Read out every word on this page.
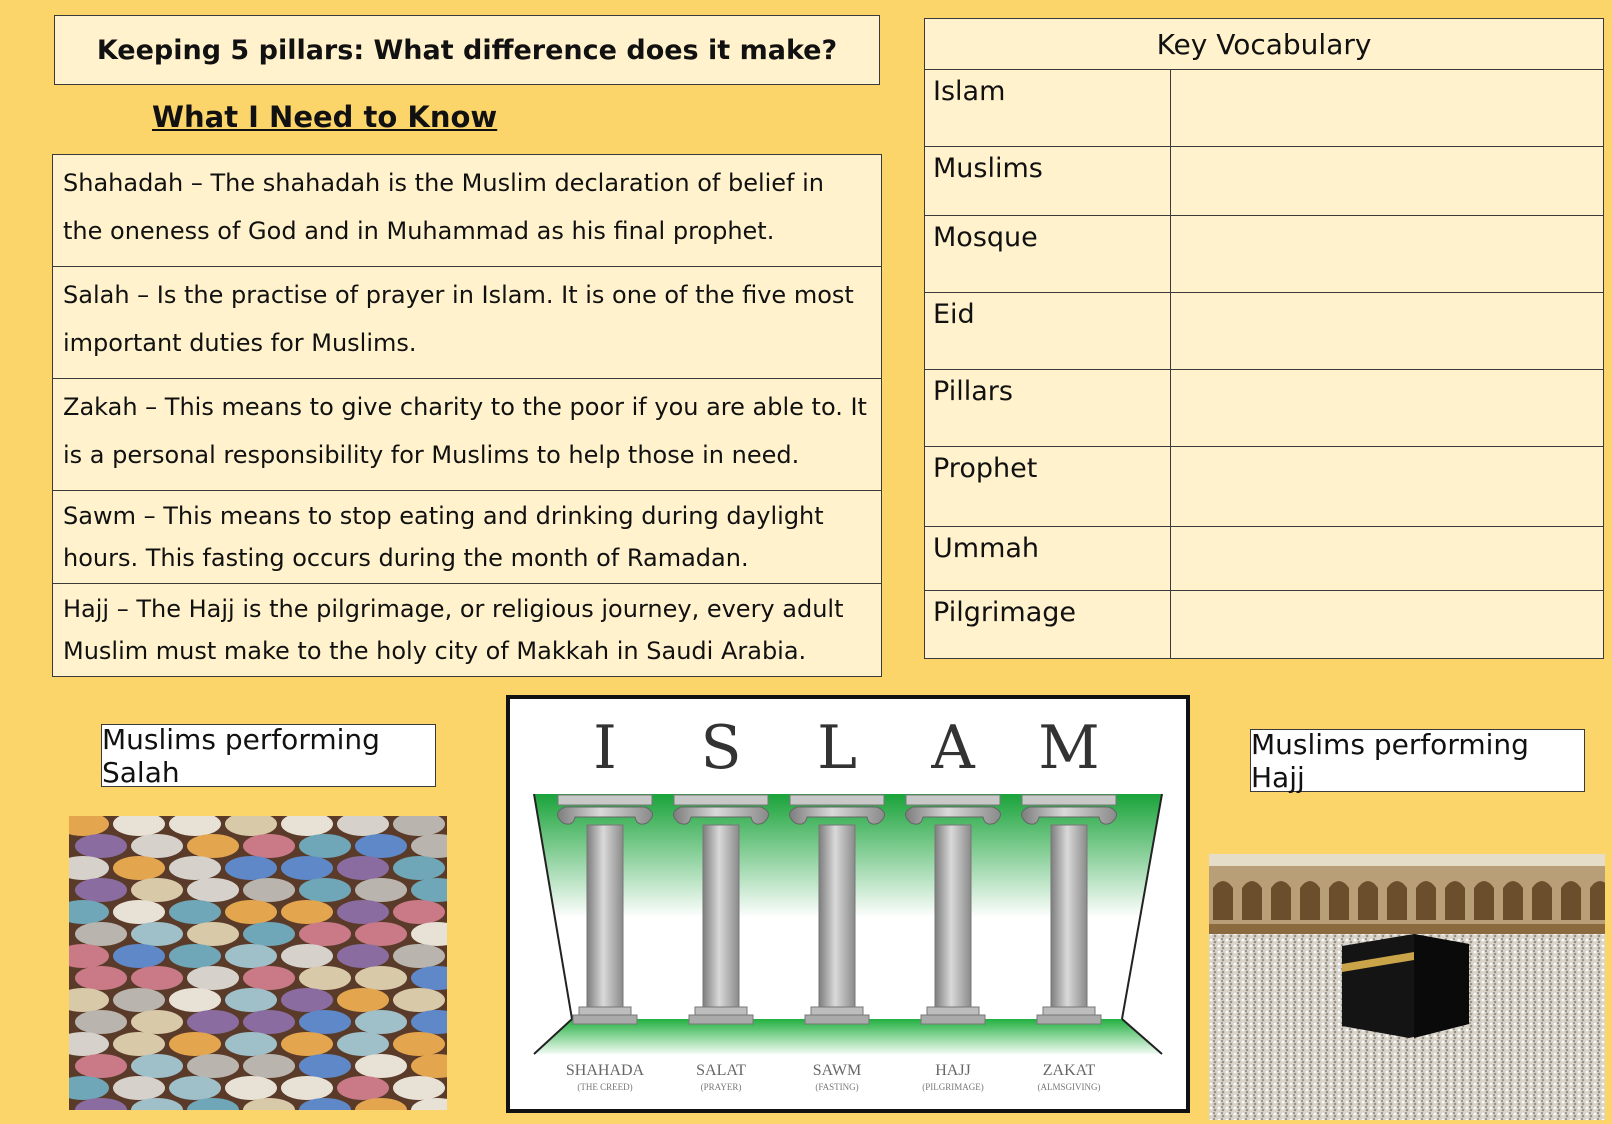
Keeping 5 pillars: What difference does it make?
What I Need to Know
Shahadah – The shahadah is the Muslim declaration of belief in the oneness of God and in Muhammad as his final prophet.
Salah – Is the practise of prayer in Islam. It is one of the five most important duties for Muslims.
Zakah – This means to give charity to the poor if you are able to. It is a personal responsibility for Muslims to help those in need.
Sawm – This means to stop eating and drinking during daylight hours. This fasting occurs during the month of Ramadan.
Hajj – The Hajj is the pilgrimage, or religious journey, every adult Muslim must make to the holy city of Makkah in Saudi Arabia.
Key Vocabulary	
Islam	
Muslims	
Mosque	
Eid	
Pillars	
Prophet	
Ummah	
Pilgrimage	
Muslims performing Salah
Muslims performing Hajj
I	S	L	A	M
SHAHADA	SALAT	SAWM	HAJJ	ZAKAT
(THE CREED)	(PRAYER)	(FASTING)	(PILGRIMAGE)	(ALMSGIVING)
